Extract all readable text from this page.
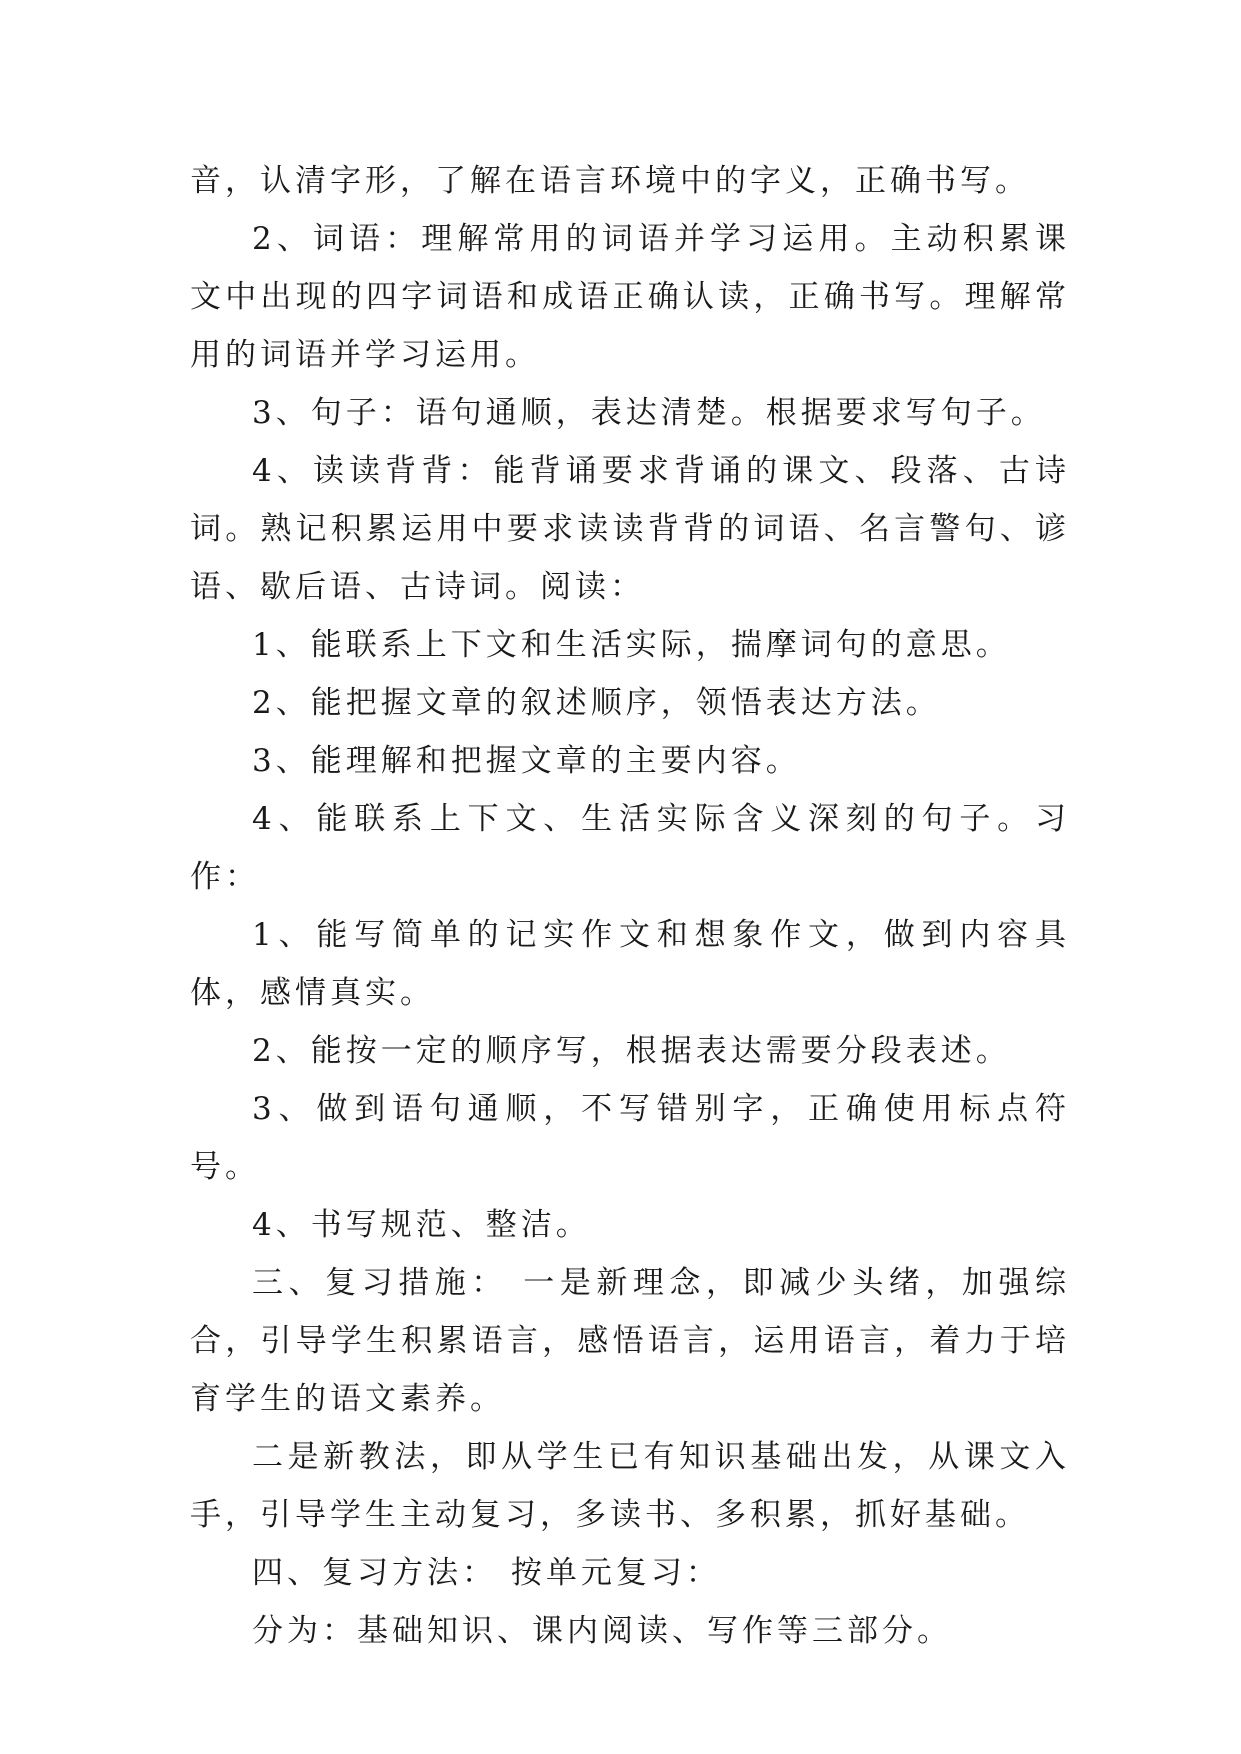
音，认清字形，了解在语言环境中的字义，正确书写。

2、词语：理解常用的词语并学习运用。主动积累课文中出现的四字词语和成语正确认读，正确书写。理解常用的词语并学习运用。

3、句子：语句通顺，表达清楚。根据要求写句子。

4、读读背背：能背诵要求背诵的课文、段落、古诗词。熟记积累运用中要求读读背背的词语、名言警句、谚语、歇后语、古诗词。阅读：

1、能联系上下文和生活实际，揣摩词句的意思。

2、能把握文章的叙述顺序，领悟表达方法。

3、能理解和把握文章的主要内容。

4、能联系上下文、生活实际含义深刻的句子。习作：

1、能写简单的记实作文和想象作文，做到内容具体，感情真实。

2、能按一定的顺序写，根据表达需要分段表述。

3、做到语句通顺，不写错别字，正确使用标点符号。

4、书写规范、整洁。

三、复习措施： 一是新理念，即减少头绪，加强综合，引导学生积累语言，感悟语言，运用语言，着力于培育学生的语文素养。

二是新教法，即从学生已有知识基础出发，从课文入手，引导学生主动复习，多读书、多积累，抓好基础。

四、复习方法： 按单元复习：

分为：基础知识、课内阅读、写作等三部分。
